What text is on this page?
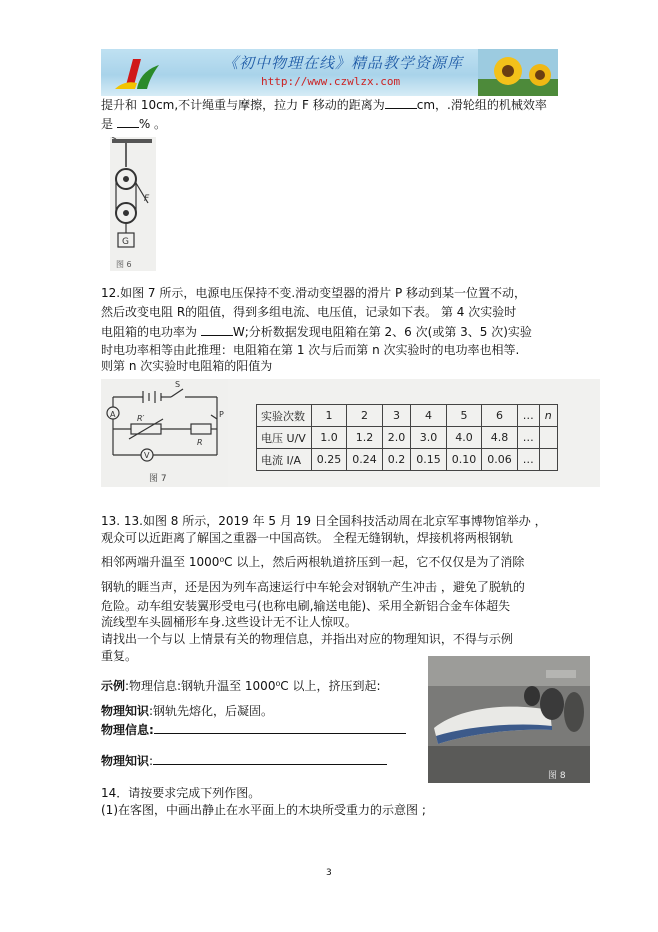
《初中物理在线》精品教学资源库
http://www.czwlzx.com
提升和 10cm,不计绳重与摩擦，拉力 F 移动的距离为	cm，.滑轮组的机械效率
是 % 。
F
G
图 6
12.如图 7 所示，电源电压保持不变.滑动变望器的滑片 P 移动到某一位置不动，
然后改变电阻 R的阻值，得到多组电流、电压值，记录如下表。 第 4 次实验时
电阻箱的电功率为	W;分析数据发现电阻箱在第 2、6 次(或第 3、5 次)实验
时电功率相等由此推理：电阻箱在第 1 次与后而第 n 次实验时的电功率也相等.
则第 n 次实验时电阻箱的阳值为
A
V
S
P
R′
R
图 7
实验次数	1	2	3	4	5	6	…	n
电压 U/V	1.0	1.2	2.0	3.0	4.0	4.8	…	
电流 I/A	0.25	0.24	0.2	0.15	0.10	0.06	…	
13. 13.如图 8 所示，2019 年 5 月 19 日全国科技活动周在北京军事博物馆举办 ，
观众可以近距离了解国之重器一中国高铁。 全程无缝钢轨，焊接机将两根钢轨
相邻两端升温至 1000⁰C 以上，然后两根轨道挤压到一起，它不仅仅是为了消除
钢轨的睚当声，还是因为列车高速运行中车轮会对钢轨产生冲击 ，避免了脱轨的
危险。动车组安装翼形受电弓(也称电刷,输送电能)、采用全新铝合金车体超失
流线型车头圆桶形车身.这些设计无不让人惊叹。
请找出一个与以 上情景有关的物理信息，并指出对应的物理知识，不得与示例
重复。
示例:物理信息:钢轨升温至 1000⁰C 以上，挤压到起:
物理知识:钢轨先熔化，后凝固。
物理信息:
物理知识:
图 8
14．请按要求完成下列作图。
(1)在客图，中画出静止在水平面上的木块所受重力的示意图 ;
3
